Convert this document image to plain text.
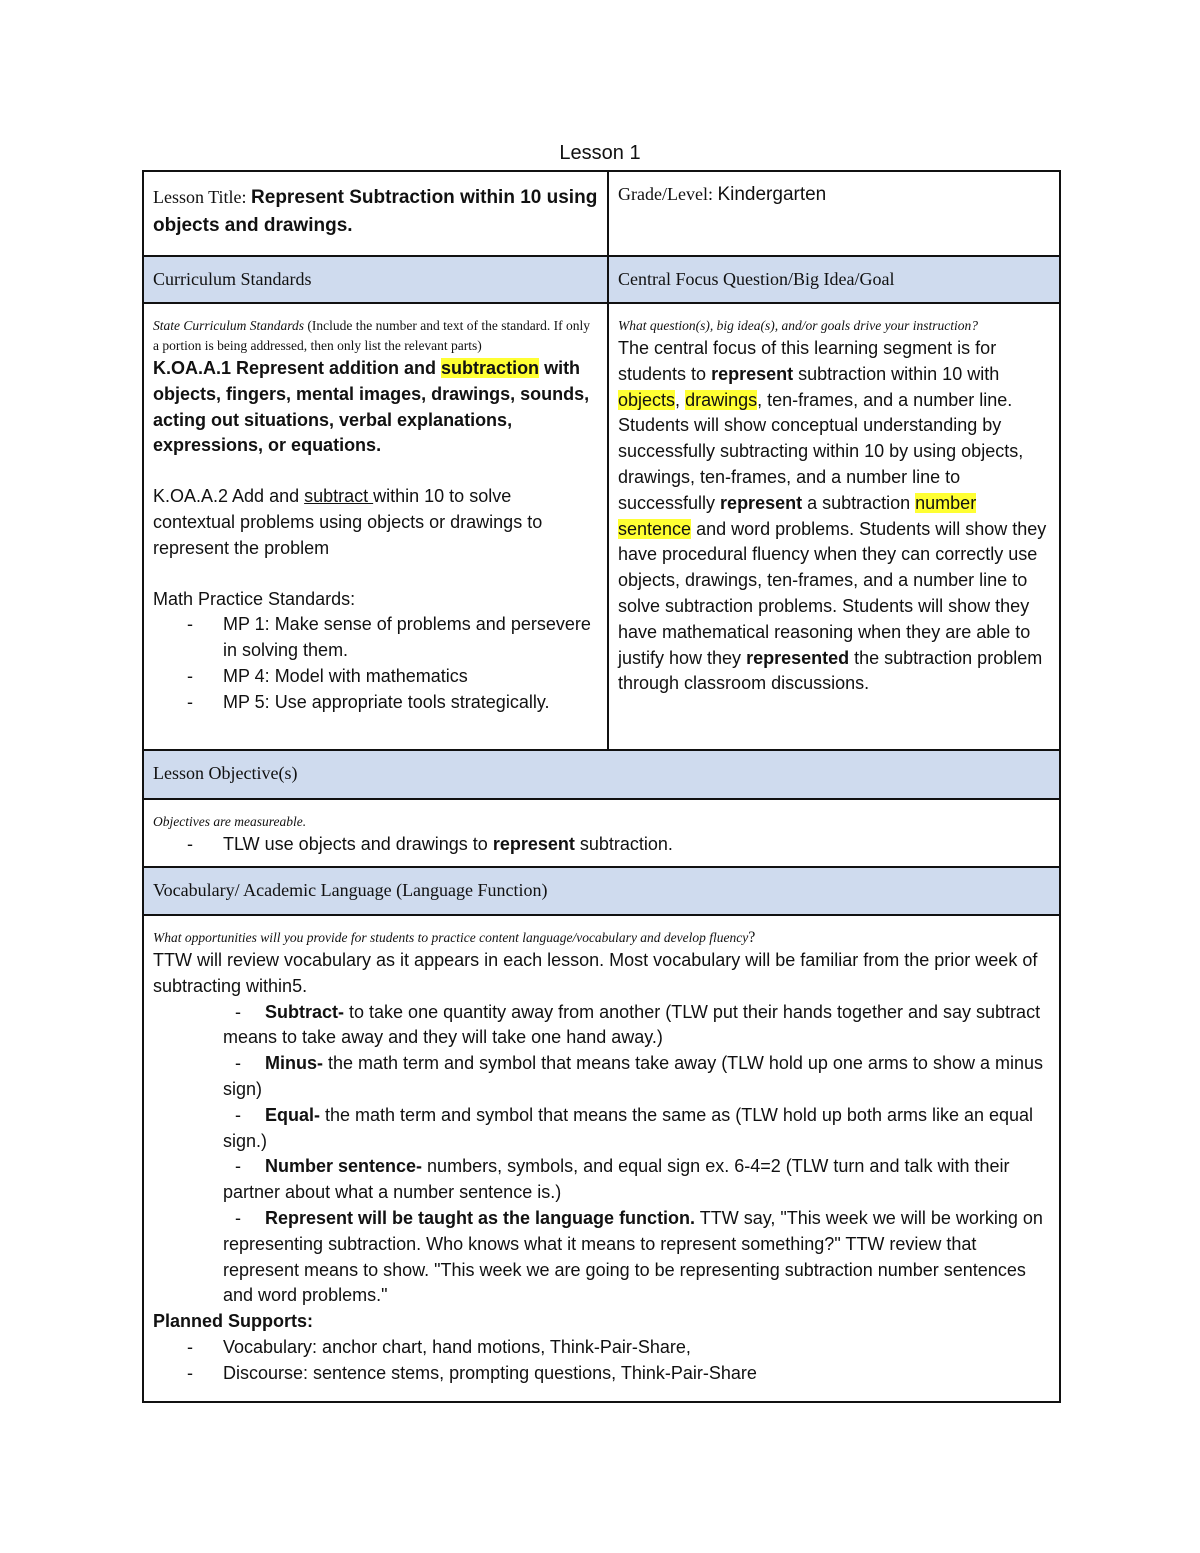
Lesson 1
Lesson Title: Represent Subtraction within 10 using objects and drawings.
Grade/Level: Kindergarten
Curriculum Standards	Central Focus Question/Big Idea/Goal
State Curriculum Standards (Include the number and text of the standard. If only a portion is being addressed, then only list the relevant parts)
K.OA.A.1 Represent addition and subtraction with objects, fingers, mental images, drawings, sounds, acting out situations, verbal explanations, expressions, or equations.
K.OA.A.2 Add and subtract within 10 to solve contextual problems using objects or drawings to represent the problem
Math Practice Standards:
- MP 1: Make sense of problems and persevere in solving them.
- MP 4: Model with mathematics
- MP 5: Use appropriate tools strategically.
What question(s), big idea(s), and/or goals drive your instruction?
The central focus of this learning segment is for students to represent subtraction within 10 with objects, drawings, ten-frames, and a number line. Students will show conceptual understanding by successfully subtracting within 10 by using objects, drawings, ten-frames, and a number line to successfully represent a subtraction number sentence and word problems. Students will show they have procedural fluency when they can correctly use objects, drawings, ten-frames, and a number line to solve subtraction problems. Students will show they have mathematical reasoning when they are able to justify how they represented the subtraction problem through classroom discussions.
Lesson Objective(s)
Objectives are measureable.
- TLW use objects and drawings to represent subtraction.
Vocabulary/ Academic Language (Language Function)
What opportunities will you provide for students to practice content language/vocabulary and develop fluency?
TTW will review vocabulary as it appears in each lesson. Most vocabulary will be familiar from the prior week of subtracting within5.
- Subtract- to take one quantity away from another (TLW put their hands together and say subtract means to take away and they will take one hand away.)
- Minus- the math term and symbol that means take away (TLW hold up one arms to show a minus sign)
- Equal- the math term and symbol that means the same as (TLW hold up both arms like an equal sign.)
- Number sentence- numbers, symbols, and equal sign ex. 6-4=2 (TLW turn and talk with their partner about what a number sentence is.)
- Represent will be taught as the language function. TTW say, "This week we will be working on representing subtraction. Who knows what it means to represent something?" TTW review that represent means to show. "This week we are going to be representing subtraction number sentences and word problems."
Planned Supports:
- Vocabulary: anchor chart, hand motions, Think-Pair-Share,
- Discourse: sentence stems, prompting questions, Think-Pair-Share
